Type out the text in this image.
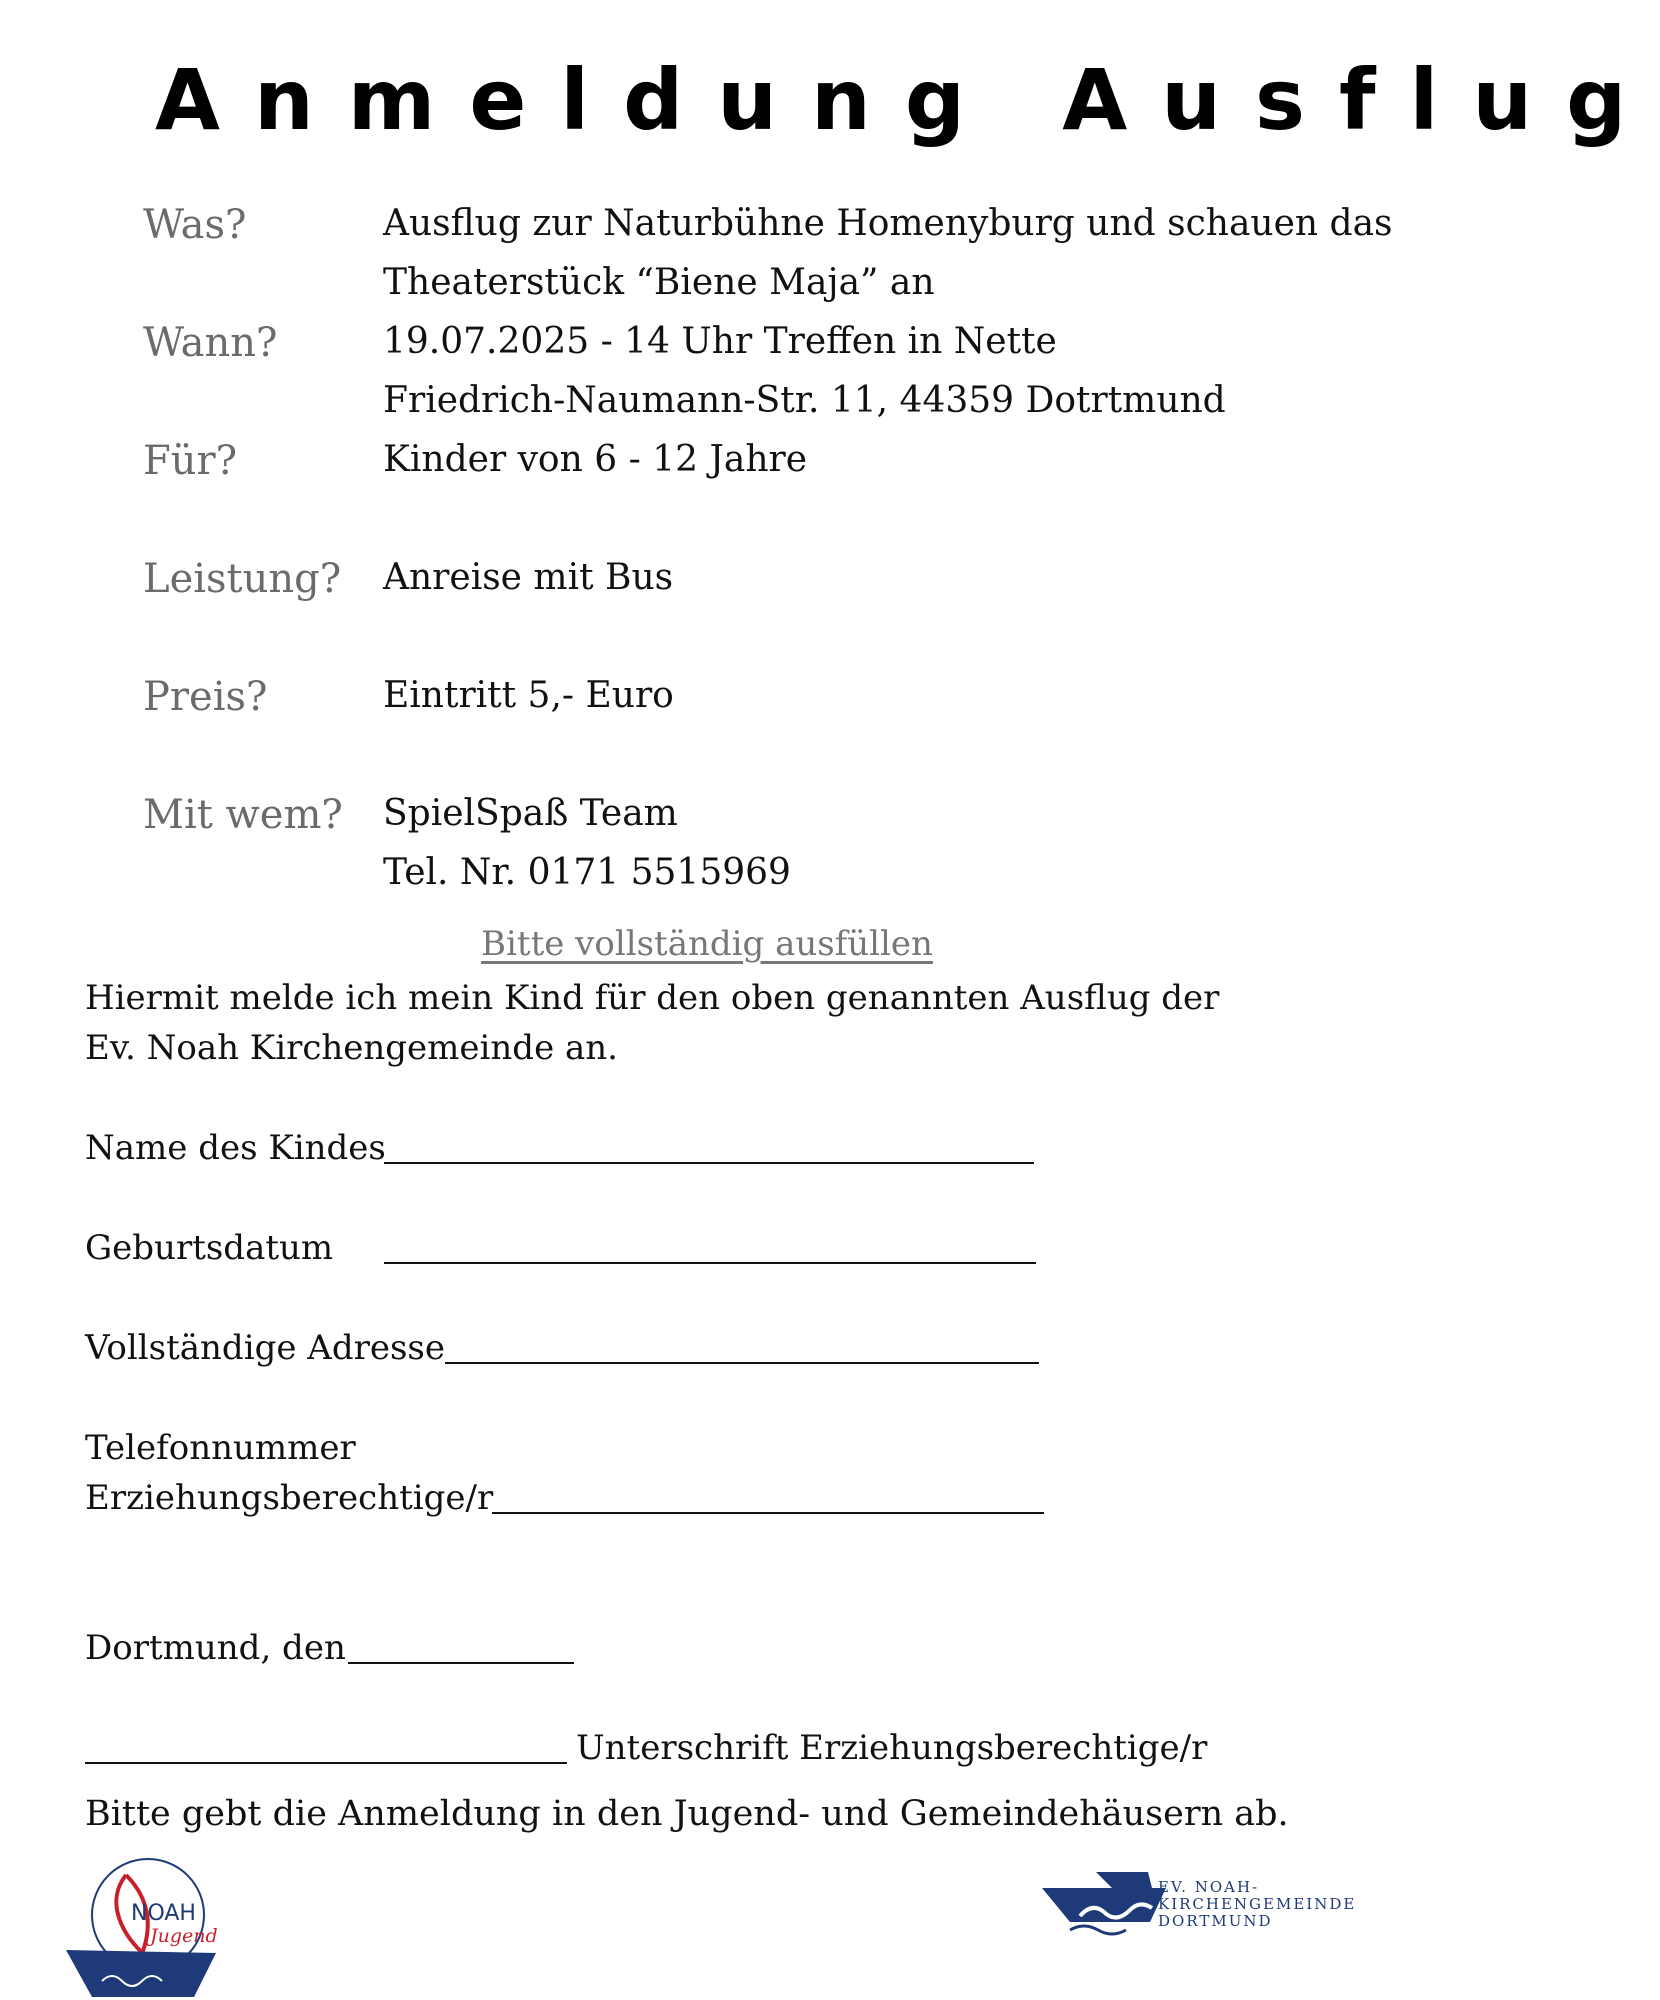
Anmeldung Ausflug
Was?	Ausflug zur Naturbühne Homenyburg und schauen das
Theaterstück “Biene Maja” an
Wann?	19.07.2025 - 14 Uhr Treffen in Nette
Friedrich-Naumann-Str. 11, 44359 Dotrtmund
Für?	Kinder von 6 - 12 Jahre
Leistung? Anreise mit Bus
Preis?	Eintritt 5,- Euro
Mit wem? SpielSpaß Team
Tel. Nr. 0171 5515969
Bitte vollständig ausfüllen
Hiermit melde ich mein Kind für den oben genannten Ausflug der
Ev. Noah Kirchengemeinde an.
Name des Kindes
Geburtsdatum
Vollständige Adresse
Telefonnummer
Erziehungsberechtige/r
Dortmund, den
Unterschrift Erziehungsberechtige/r
Bitte gebt die Anmeldung in den Jugend- und Gemeindehäusern ab.
NOAH
Jugend
EV. NOAH-
KIRCHENGEMEINDE
DORTMUND
